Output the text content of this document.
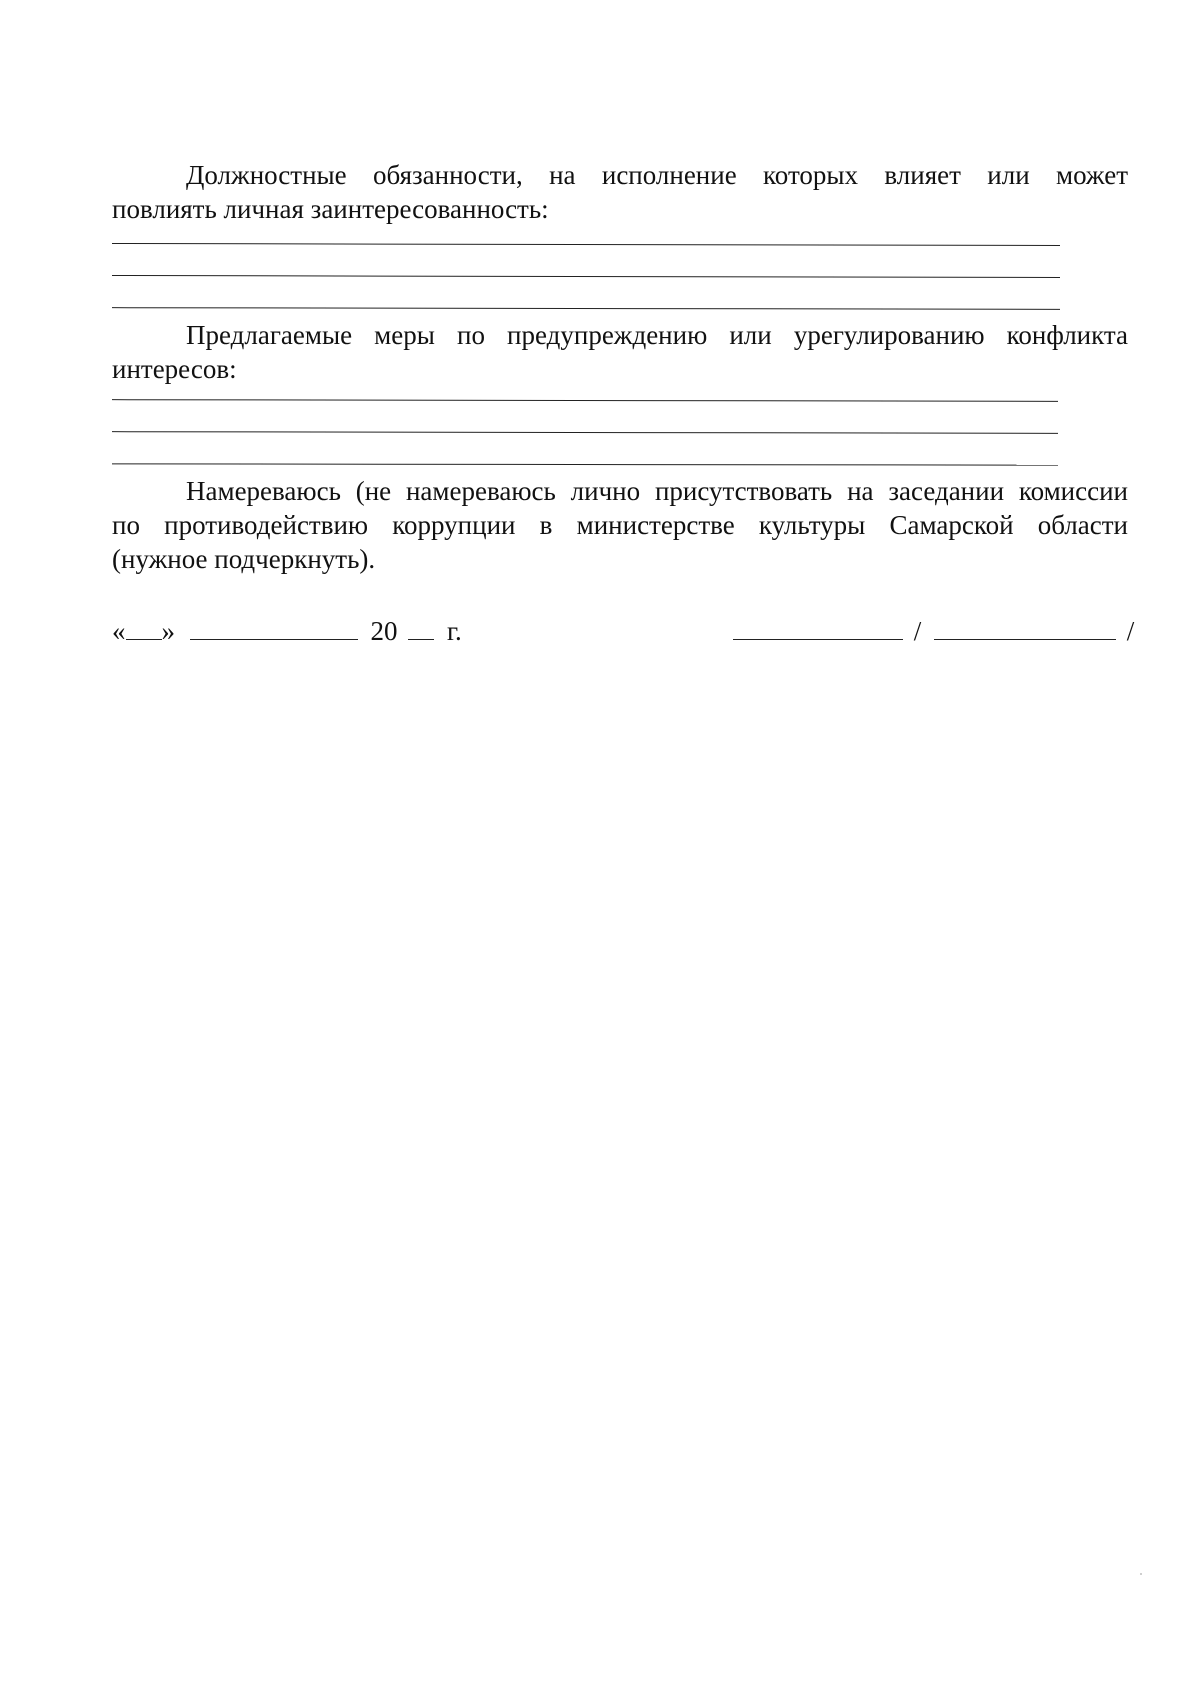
Должностные обязанности, на исполнение которых влияет или может
повлиять личная заинтересованность:
Предлагаемые меры по предупреждению или урегулированию конфликта
интересов:
Намереваюсь (не намереваюсь лично присутствовать на заседании комиссии
по противодействию коррупции в министерстве культуры Самарской области
(нужное подчеркнуть).
« »	20 г.	/	/
